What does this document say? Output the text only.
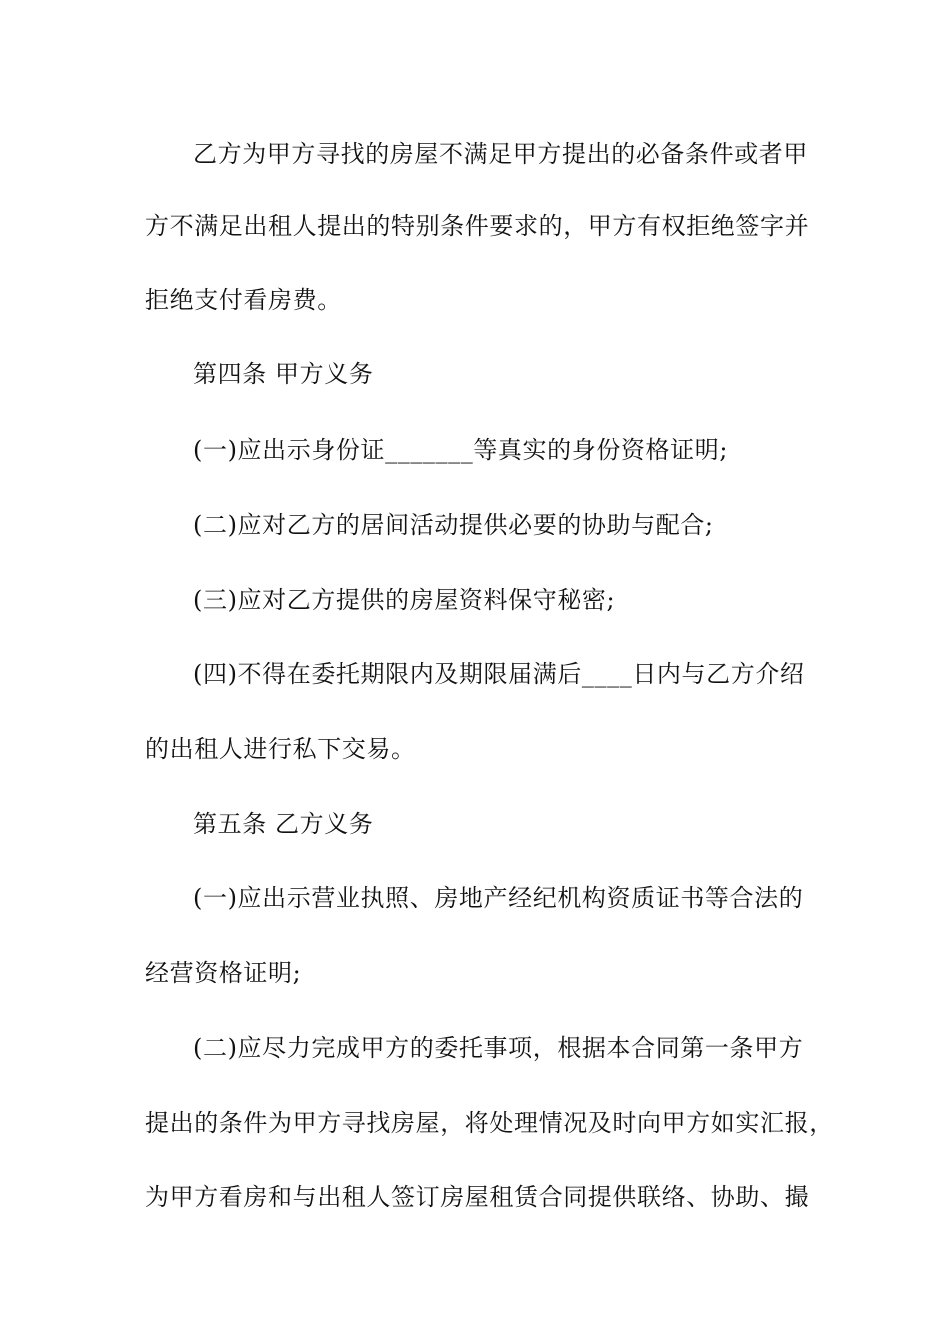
乙方为甲方寻找的房屋不满足甲方提出的必备条件或者甲
方不满足出租人提出的特别条件要求的，甲方有权拒绝签字并
拒绝支付看房费。
第四条 甲方义务
(一)应出示身份证_______等真实的身份资格证明;
(二)应对乙方的居间活动提供必要的协助与配合;
(三)应对乙方提供的房屋资料保守秘密;
(四)不得在委托期限内及期限届满后____日内与乙方介绍
的出租人进行私下交易。
第五条 乙方义务
(一)应出示营业执照、房地产经纪机构资质证书等合法的
经营资格证明;
(二)应尽力完成甲方的委托事项，根据本合同第一条甲方
提出的条件为甲方寻找房屋，将处理情况及时向甲方如实汇报，
为甲方看房和与出租人签订房屋租赁合同提供联络、协助、撮
